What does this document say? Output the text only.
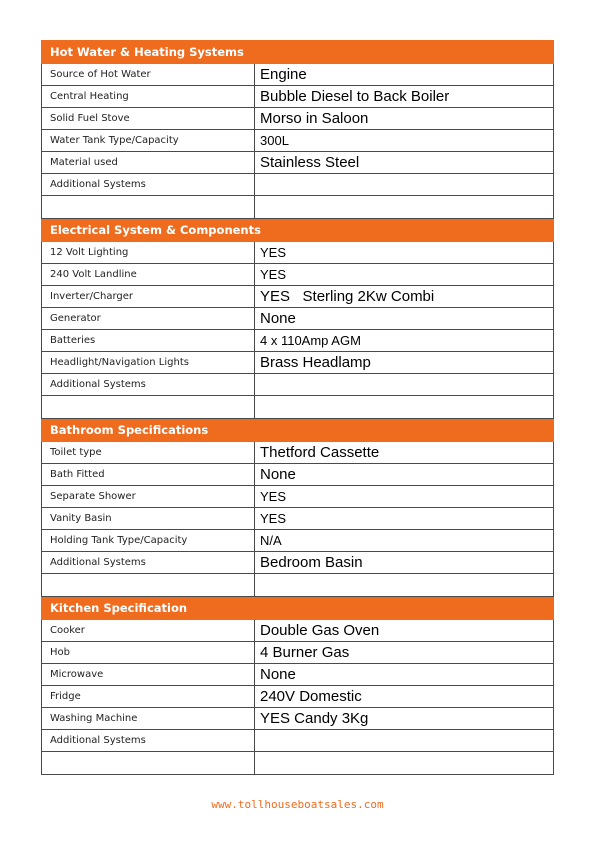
Hot Water & Heating Systems	
Source of Hot Water	Engine
Central Heating	Bubble Diesel to Back Boiler
Solid Fuel Stove	Morso in Saloon
Water Tank Type/Capacity	300L
Material used	Stainless Steel
Additional Systems	

Electrical System & Components	
12 Volt Lighting	YES
240 Volt Landline	YES
Inverter/Charger	YES   Sterling 2Kw Combi
Generator	None
Batteries	4 x 110Amp AGM
Headlight/Navigation Lights	Brass Headlamp
Additional Systems	

Bathroom Specifications	
Toilet type	Thetford Cassette
Bath Fitted	None
Separate Shower	YES
Vanity Basin	YES
Holding Tank Type/Capacity	N/A
Additional Systems	Bedroom Basin

Kitchen Specification	
Cooker	Double Gas Oven
Hob	4 Burner Gas
Microwave	None
Fridge	240V Domestic
Washing Machine	YES Candy 3Kg
Additional Systems	

www.tollhouseboatsales.com
